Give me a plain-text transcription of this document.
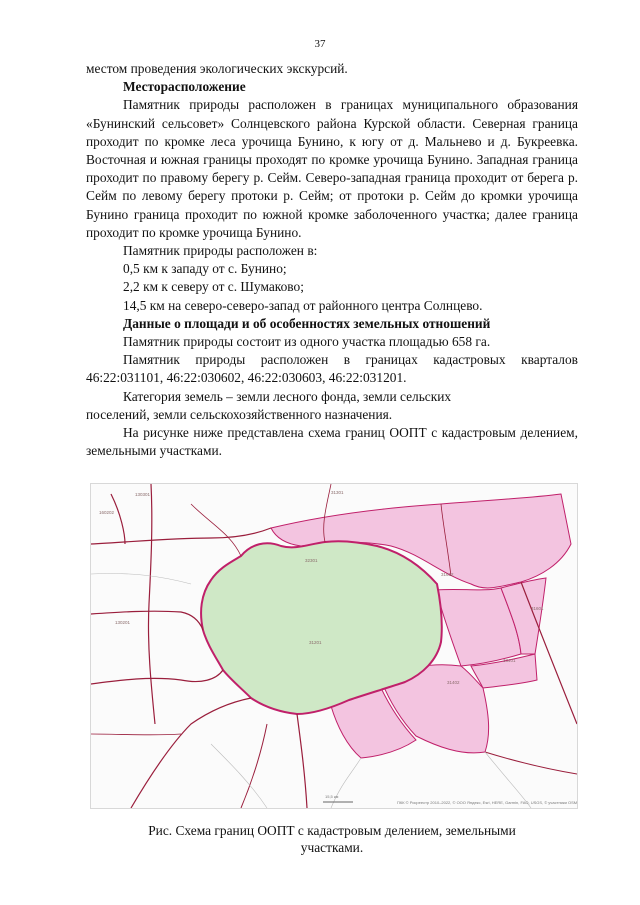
37

местом проведения экологических экскурсий.

Месторасположение

Памятник природы расположен в границах муниципального образования «Бунинский сельсовет» Солнцевского района Курской области. Северная граница проходит по кромке леса урочища Бунино, к югу от д. Мальнево и д. Букреевка. Восточная и южная границы проходят по кромке урочища Бунино. Западная граница проходит по правому берегу р. Сейм. Северо-западная граница проходит от берега р. Сейм по левому берегу протоки р. Сейм; от протоки р. Сейм до кромки урочища Бунино граница проходит по южной кромке заболоченного участка; далее граница проходит по кромке урочища Бунино.

Памятник природы расположен в:

0,5 км к западу от с. Бунино;

2,2 км к северу от с. Шумаково;

14,5 км на северо-северо-запад от районного центра Солнцево.

Данные о площади и об особенностях земельных отношений

Памятник природы состоит из одного участка площадью 658 га.

Памятник природы расположен в границах кадастровых кварталов 46:22:031101, 46:22:030602, 46:22:030603, 46:22:031201.

Категория земель – земли лесного фонда, земли сельских

поселений, земли сельскохозяйственного назначения.

На рисунке ниже представлена схема границ ООПТ с кадастровым делением, земельными участками.

130301
160202
130201
31301
32301
31602
31601
33401
31201
31402
15,5 км
ПКК © Росреестр 2010–2022, © ООО Яндекс, Esri, HERE, Garmin, FAO, USGS, © участники OSM
Рис. Схема границ ООПТ с кадастровым делением, земельными
участками.
